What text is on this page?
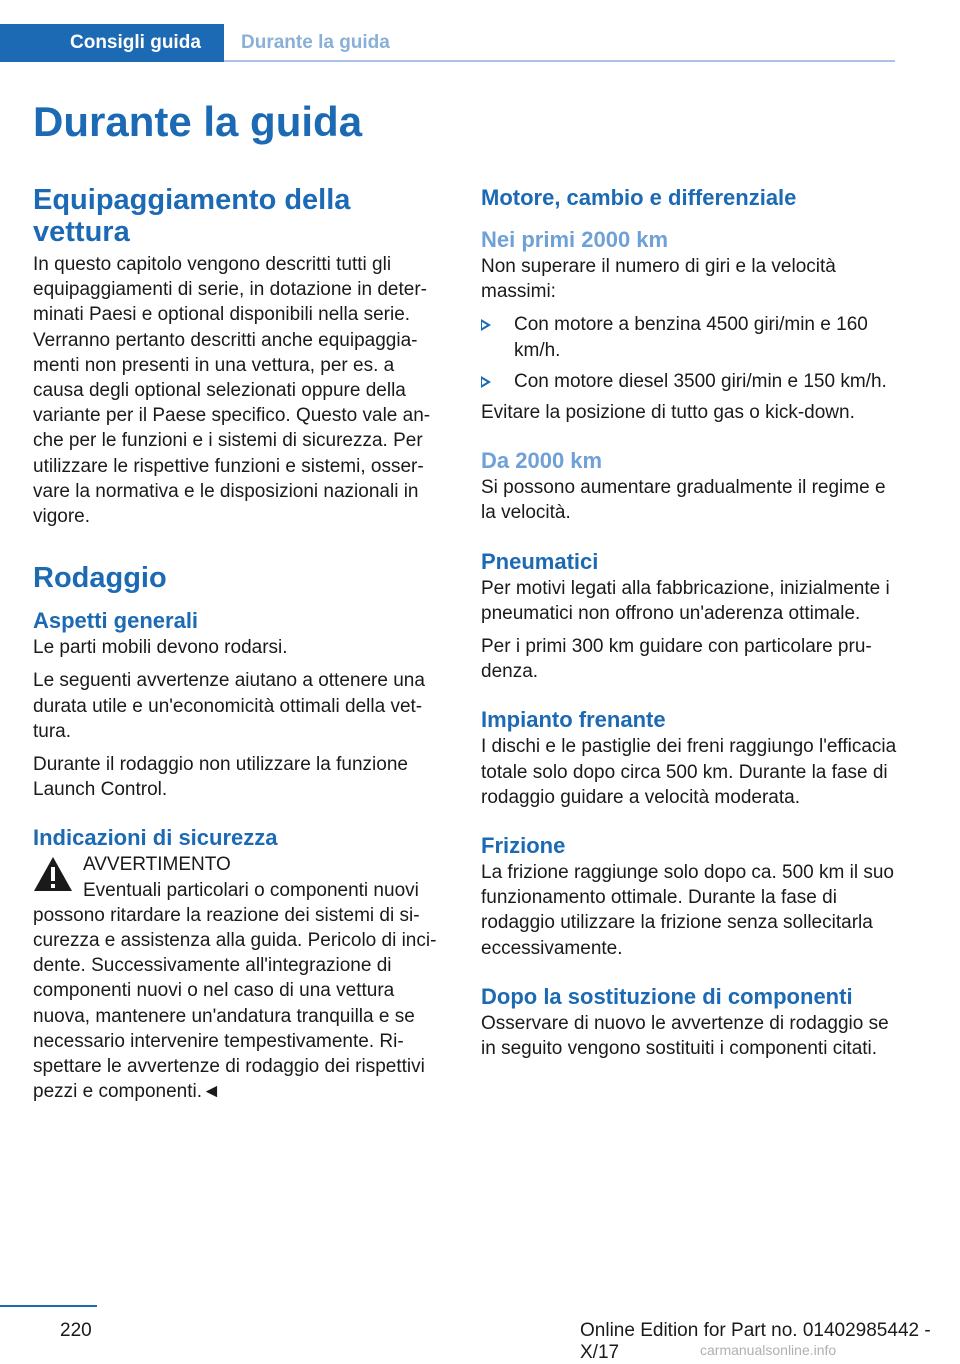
Consigli guida	Durante la guida
Durante la guida
Equipaggiamento della vettura

In questo capitolo vengono descritti tutti gli equipaggiamenti di serie, in dotazione in determinati Paesi e optional disponibili nella serie. Verranno pertanto descritti anche equipaggiamenti non presenti in una vettura, per es. a causa degli optional selezionati oppure della variante per il Paese specifico. Questo vale anche per le funzioni e i sistemi di sicurezza. Per utilizzare le rispettive funzioni e sistemi, osservare la normativa e le disposizioni nazionali in vigore.

Rodaggio
Aspetti generali

Le parti mobili devono rodarsi.

Le seguenti avvertenze aiutano a ottenere una durata utile e un'economicità ottimali della vettura.

Durante il rodaggio non utilizzare la funzione Launch Control.

Indicazioni di sicurezza

AVVERTIMENTO

Eventuali particolari o componenti nuovi

possono ritardare la reazione dei sistemi di sicurezza e assistenza alla guida. Pericolo di incidente. Successivamente all'integrazione di componenti nuovi o nel caso di una vettura nuova, mantenere un'andatura tranquilla e se necessario intervenire tempestivamente. Rispettare le avvertenze di rodaggio dei rispettivi pezzi e componenti.◄

Motore, cambio e differenziale
Nei primi 2000 km

Non superare il numero di giri e la velocità massimi:

Con motore a benzina 4500 giri/min e 160 km/h.
Con motore diesel 3500 giri/min e 150 km/h.

Evitare la posizione di tutto gas o kick-down.

Da 2000 km

Si possono aumentare gradualmente il regime e la velocità.

Pneumatici

Per motivi legati alla fabbricazione, inizialmente i pneumatici non offrono un'aderenza ottimale.

Per i primi 300 km guidare con particolare prudenza.

Impianto frenante

I dischi e le pastiglie dei freni raggiungo l'efficacia totale solo dopo circa 500 km. Durante la fase di rodaggio guidare a velocità moderata.

Frizione

La frizione raggiunge solo dopo ca. 500 km il suo funzionamento ottimale. Durante la fase di rodaggio utilizzare la frizione senza sollecitarla eccessivamente.

Dopo la sostituzione di componenti

Osservare di nuovo le avvertenze di rodaggio se in seguito vengono sostituiti i componenti citati.

220	Online Edition for Part no. 01402985442 - X/17	carmanualsonline.info
